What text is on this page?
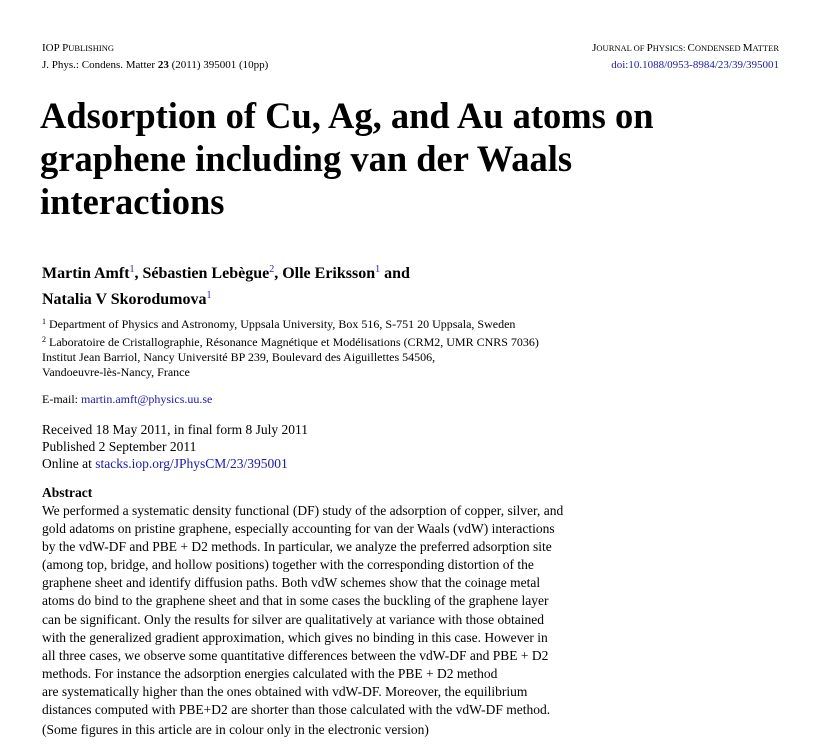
IOP PUBLISHING	JOURNAL OF PHYSICS: CONDENSED MATTER
J. Phys.: Condens. Matter 23 (2011) 395001 (10pp)	doi:10.1088/0953-8984/23/39/395001
Adsorption of Cu, Ag, and Au atoms on
graphene including van der Waals
interactions
Martin Amft$^1$, Sébastien Lebègue$^2$, Olle Eriksson$^1$ and
Natalia V Skorodumova$^1$
$^1$ Department of Physics and Astronomy, Uppsala University, Box 516, S-751 20 Uppsala, Sweden
$^2$ Laboratoire de Cristallographie, Résonance Magnétique et Modélisations (CRM2, UMR CNRS 7036)
Institut Jean Barriol, Nancy Université BP 239, Boulevard des Aiguillettes 54506,
Vandoeuvre-lès-Nancy, France
E-mail: martin.amft@physics.uu.se
Received 18 May 2011, in final form 8 July 2011
Published 2 September 2011
Online at stacks.iop.org/JPhysCM/23/395001
Abstract
We performed a systematic density functional (DF) study of the adsorption of copper, silver, and
gold adatoms on pristine graphene, especially accounting for van der Waals (vdW) interactions
by the vdW-DF and PBE + D2 methods. In particular, we analyze the preferred adsorption site
(among top, bridge, and hollow positions) together with the corresponding distortion of the
graphene sheet and identify diffusion paths. Both vdW schemes show that the coinage metal
atoms do bind to the graphene sheet and that in some cases the buckling of the graphene layer
can be significant. Only the results for silver are qualitatively at variance with those obtained
with the generalized gradient approximation, which gives no binding in this case. However in
all three cases, we observe some quantitative differences between the vdW-DF and PBE + D2
methods. For instance the adsorption energies calculated with the PBE + D2 method
are systematically higher than the ones obtained with vdW-DF. Moreover, the equilibrium
distances computed with PBE+D2 are shorter than those calculated with the vdW-DF method.
(Some figures in this article are in colour only in the electronic version)
